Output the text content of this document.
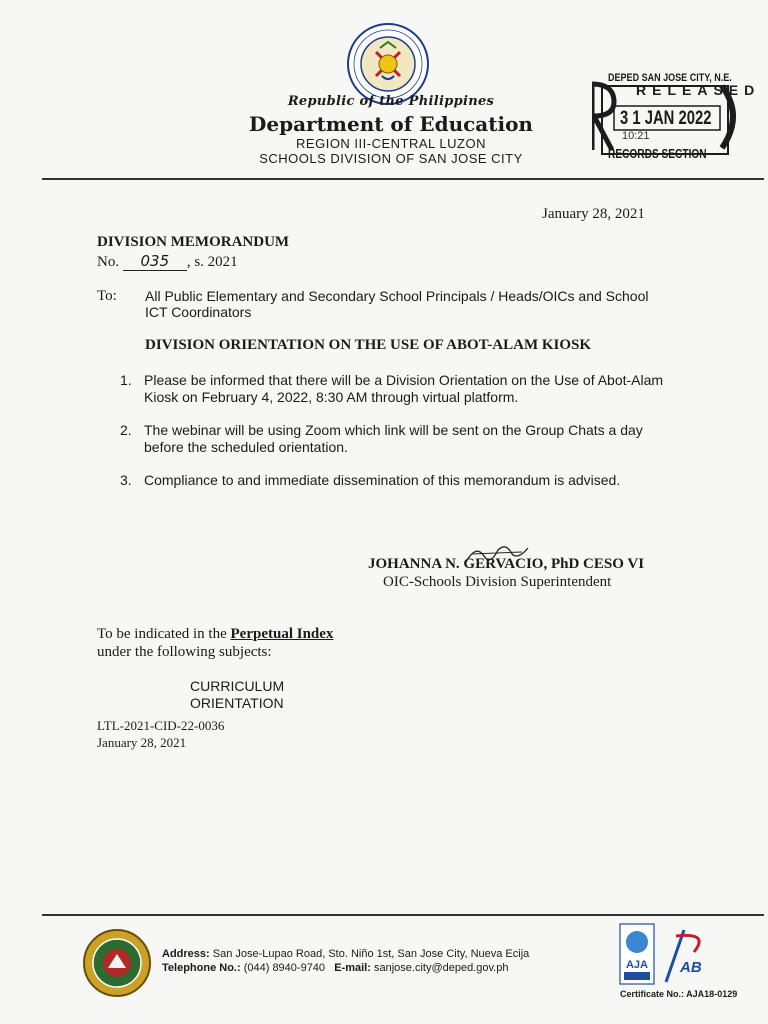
Republic of the Philippines
Department of Education
REGION III-CENTRAL LUZON
SCHOOLS DIVISION OF SAN JOSE CITY
DEPED SAN JOSE CITY, N.E.
RELEASED
3 1 JAN 2022
10:21
RECORDS SECTION
January 28, 2021
DIVISION MEMORANDUM
No. 035 , s. 2021
To: All Public Elementary and Secondary School Principals / Heads/OICs and School ICT Coordinators
DIVISION ORIENTATION ON THE USE OF ABOT-ALAM KIOSK
1. Please be informed that there will be a Division Orientation on the Use of Abot-Alam Kiosk on February 4, 2022, 8:30 AM through virtual platform.
2. The webinar will be using Zoom which link will be sent on the Group Chats a day before the scheduled orientation.
3. Compliance to and immediate dissemination of this memorandum is advised.
JOHANNA N. GERVACIO, PhD CESO VI
OIC-Schools Division Superintendent
To be indicated in the Perpetual Index
under the following subjects:
CURRICULUM
ORIENTATION
LTL-2021-CID-22-0036
January 28, 2021
Address: San Jose-Lupao Road, Sto. Niño 1st, San Jose City, Nueva Ecija
Telephone No.: (044) 8940-9740 E-mail: sanjose.city@deped.gov.ph	AJA AB
Certificate No.: AJA18-0129
